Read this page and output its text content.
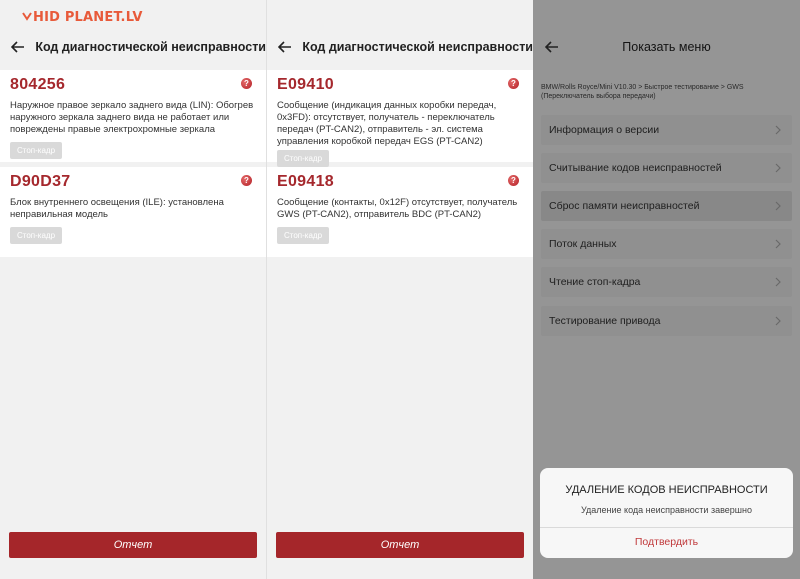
HID PLANET.LV
Код диагностической неисправности
804256	?
Наружное правое зеркало заднего вида (LIN): Обогрев наружного зеркала заднего вида не работает или повреждены правые электрохромные зеркала
Стоп-кадр
D90D37	?
Блок внутреннего освещения (ILE): установлена неправильная модель
Стоп-кадр
Отчет
Код диагностической неисправности
E09410	?
Сообщение (индикация данных коробки передач, 0x3FD): отсутствует, получатель - переключатель передач (PT-CAN2), отправитель - эл. система управления коробкой передач EGS (PT-CAN2)
Стоп-кадр
E09418	?
Сообщение (контакты, 0x12F) отсутствует, получатель GWS (PT-CAN2), отправитель BDC (PT-CAN2)
Стоп-кадр
Отчет
Показать меню
BMW/Rolls Royce/Mini V10.30 > Быстрое тестирование > GWS (Переключатель выбора передачи)
Информация о версии
Считывание кодов неисправностей
Сброс памяти неисправностей
Поток данных
Чтение стоп-кадра
Тестирование привода
УДАЛЕНИЕ КОДОВ НЕИСПРАВНОСТИ
Удаление кода неисправности завершно
Подтвердить
